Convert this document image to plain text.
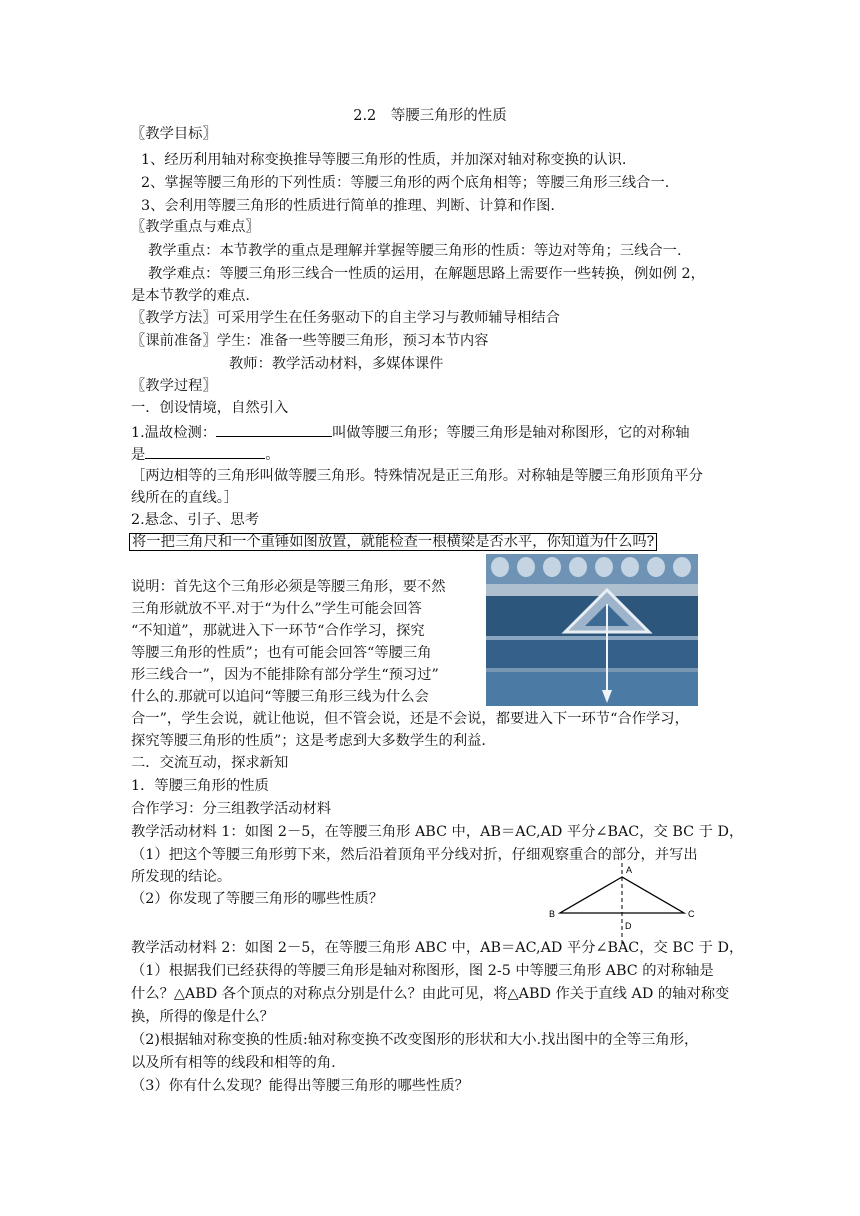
2.2　等腰三角形的性质
〖教学目标〗
1、经历利用轴对称变换推导等腰三角形的性质，并加深对轴对称变换的认识.
2、掌握等腰三角形的下列性质：等腰三角形的两个底角相等；等腰三角形三线合一.
3、会利用等腰三角形的性质进行简单的推理、判断、计算和作图.
〖教学重点与难点〗
教学重点：本节教学的重点是理解并掌握等腰三角形的性质：等边对等角；三线合一.
教学难点：等腰三角形三线合一性质的运用，在解题思路上需要作一些转换，例如例 2，
是本节教学的难点.
〖教学方法〗可采用学生在任务驱动下的自主学习与教师辅导相结合
〖课前准备〗学生：准备一些等腰三角形，预习本节内容
教师：教学活动材料，多媒体课件
〖教学过程〗
一．创设情境，自然引入
1.温故检测：	叫做等腰三角形；等腰三角形是轴对称图形，它的对称轴
是	。
［两边相等的三角形叫做等腰三角形。特殊情况是正三角形。对称轴是等腰三角形顶角平分
线所在的直线。］
2.悬念、引子、思考
将一把三角尺和一个重锤如图放置，就能检查一根横梁是否水平，你知道为什么吗?
说明：首先这个三角形必须是等腰三角形，要不然
三角形就放不平.对于“为什么”学生可能会回答
“不知道”，那就进入下一环节“合作学习，探究
等腰三角形的性质”；也有可能会回答“等腰三角
形三线合一”，因为不能排除有部分学生“预习过”
什么的.那就可以追问“等腰三角形三线为什么会
合一”，学生会说，就让他说，但不管会说，还是不会说，都要进入下一环节“合作学习，
探究等腰三角形的性质”；这是考虑到大多数学生的利益.
二．交流互动，探求新知
1．等腰三角形的性质
合作学习：分三组教学活动材料
教学活动材料 1：如图 2－5，在等腰三角形 ABC 中，AB＝AC,AD 平分∠BAC，交 BC 于 D，
（1）把这个等腰三角形剪下来，然后沿着顶角平分线对折，仔细观察重合的部分，并写出
所发现的结论。
（2）你发现了等腰三角形的哪些性质？
A
B	C
D
教学活动材料 2：如图 2－5，在等腰三角形 ABC 中，AB＝AC,AD 平分∠BAC，交 BC 于 D，
（1）根据我们已经获得的等腰三角形是轴对称图形，图 2-5 中等腰三角形 ABC 的对称轴是
什么？△ABD 各个顶点的对称点分别是什么？由此可见，将△ABD 作关于直线 AD 的轴对称变
换，所得的像是什么？
（2)根据轴对称变换的性质:轴对称变换不改变图形的形状和大小.找出图中的全等三角形，
以及所有相等的线段和相等的角.
（3）你有什么发现？能得出等腰三角形的哪些性质？
